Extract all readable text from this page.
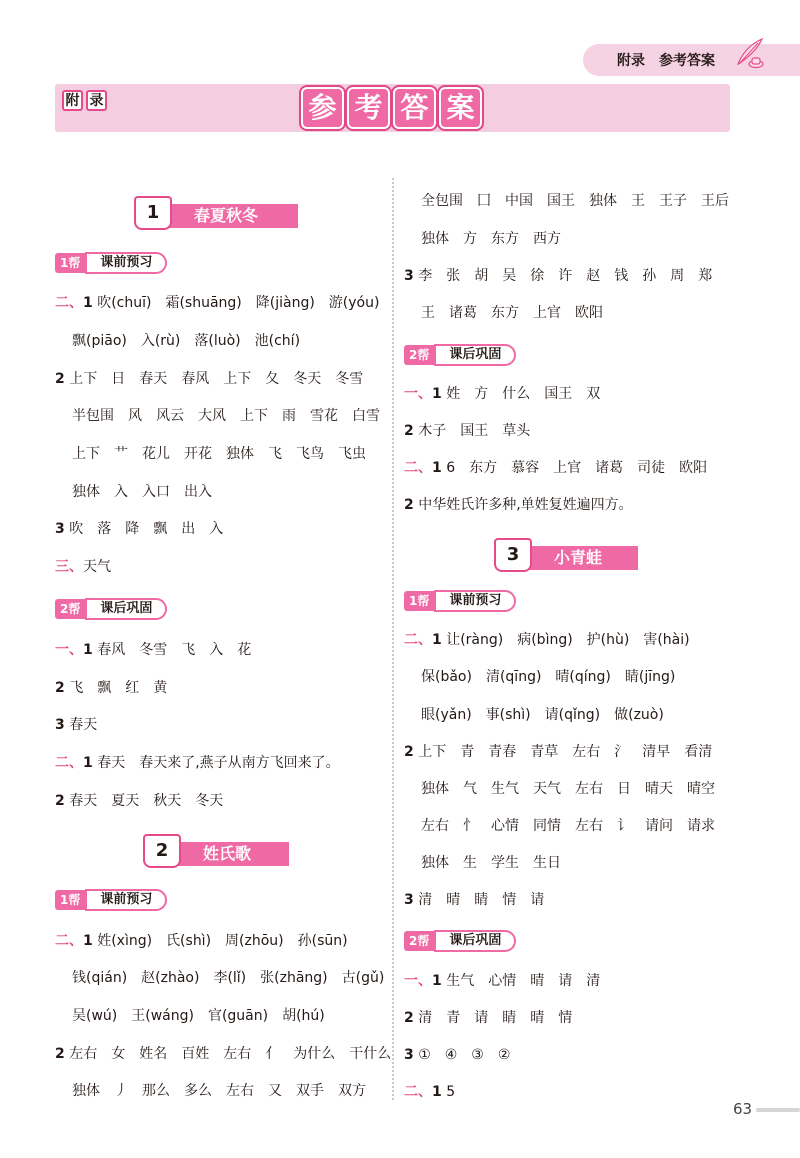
附录　参考答案
附 录	参 考 答 案
春夏秋冬
1
1帮	课前预习
二、1 吹(chuī)　霜(shuāng)　降(jiàng)　游(yóu)
飘(piāo)　入(rù)　落(luò)　池(chí)
2 上下　日　春天　春风　上下　夂　冬天　冬雪
半包围　风　风云　大风　上下　雨　雪花　白雪
上下　艹　花儿　开花　独体　飞　飞鸟　飞虫
独体　入　入口　出入
3 吹　落　降　飘　出　入
三、天气
2帮	课后巩固
一、1 春风　冬雪　飞　入　花
2 飞　飘　红　黄
3 春天
二、1 春天　春天来了,燕子从南方飞回来了。
2 春天　夏天　秋天　冬天
姓氏歌
2
1帮	课前预习
二、1 姓(xìng)　氏(shì)　周(zhōu)　孙(sūn)
钱(qián)　赵(zhào)　李(lǐ)　张(zhāng)　古(gǔ)
吴(wú)　王(wáng)　官(guān)　胡(hú)
2 左右　女　姓名　百姓　左右　亻　为什么　干什么
独体　丿　那么　多么　左右　又　双手　双方
全包围　囗　中国　国王　独体　王　王子　王后
独体　方　东方　西方
3 李　张　胡　吴　徐　许　赵　钱　孙　周　郑
王　诸葛　东方　上官　欧阳
2帮	课后巩固
一、1 姓　方　什么　国王　双
2 木子　国王　草头
二、1 6　东方　慕容　上官　诸葛　司徒　欧阳
2 中华姓氏许多种,单姓复姓遍四方。
小青蛙
3
1帮	课前预习
二、1 让(ràng)　病(bìng)　护(hù)　害(hài)
保(bǎo)　清(qīng)　晴(qíng)　睛(jīng)
眼(yǎn)　事(shì)　请(qǐng)　做(zuò)
2 上下　青　青春　青草　左右　氵　清早　看清
独体　气　生气　天气　左右　日　晴天　晴空
左右　忄　心情　同情　左右　讠　请问　请求
独体　生　学生　生日
3 清　晴　睛　情　请
2帮	课后巩固
一、1 生气　心情　晴　请　清
2 清　青　请　睛　晴　情
3 ①　④　③　②
二、1 5
63
